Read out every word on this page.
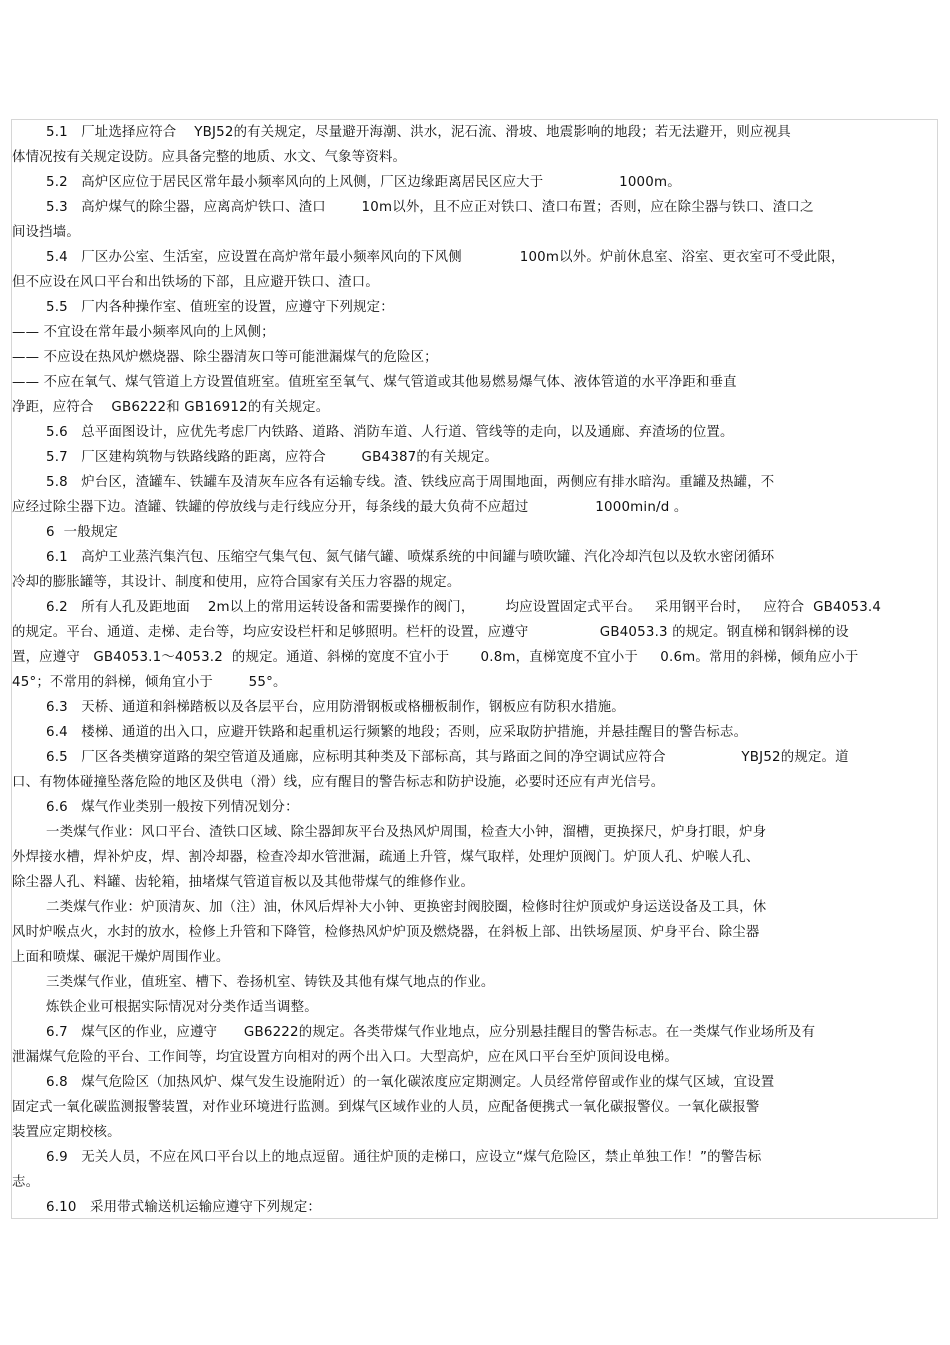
5.1   厂址选择应符合    YBJ52的有关规定，尽量避开海潮、洪水，泥石流、滑坡、地震影响的地段；若无法避开，则应视具
体情况按有关规定设防。应具备完整的地质、水文、气象等资料。
5.2   高炉区应位于居民区常年最小频率风向的上风侧，厂区边缘距离居民区应大于                 1000m。
5.3   高炉煤气的除尘器，应离高炉铁口、渣口        10m以外，且不应正对铁口、渣口布置；否则，应在除尘器与铁口、渣口之
间设挡墙。
5.4   厂区办公室、生活室，应设置在高炉常年最小频率风向的下风侧             100m以外。炉前休息室、浴室、更衣室可不受此限，
但不应设在风口平台和出铁场的下部，且应避开铁口、渣口。
5.5   厂内各种操作室、值班室的设置，应遵守下列规定：
—— 不宜设在常年最小频率风向的上风侧；
—— 不应设在热风炉燃烧器、除尘器清灰口等可能泄漏煤气的危险区；
—— 不应在氧气、煤气管道上方设置值班室。值班室至氧气、煤气管道或其他易燃易爆气体、液体管道的水平净距和垂直
净距，应符合    GB6222和 GB16912的有关规定。
5.6   总平面图设计，应优先考虑厂内铁路、道路、消防车道、人行道、管线等的走向，以及通廊、弃渣场的位置。
5.7   厂区建构筑物与铁路线路的距离，应符合        GB4387的有关规定。
5.8   炉台区，渣罐车、铁罐车及清灰车应各有运输专线。渣、铁线应高于周围地面，两侧应有排水暗沟。重罐及热罐，不
应经过除尘器下边。渣罐、铁罐的停放线与走行线应分开，每条线的最大负荷不应超过               1000min/d 。
6  一般规定
6.1   高炉工业蒸汽集汽包、压缩空气集气包、氮气储气罐、喷煤系统的中间罐与喷吹罐、汽化冷却汽包以及软水密闭循环
冷却的膨胀罐等，其设计、制度和使用，应符合国家有关压力容器的规定。
6.2   所有人孔及距地面    2m以上的常用运转设备和需要操作的阀门，       均应设置固定式平台。   采用钢平台时，   应符合  GB4053.4
的规定。平台、通道、走梯、走台等，均应安设栏杆和足够照明。栏杆的设置，应遵守                GB4053.3 的规定。钢直梯和钢斜梯的设
置，应遵守   GB4053.1～4053.2  的规定。通道、斜梯的宽度不宜小于       0.8m，直梯宽度不宜小于     0.6m。常用的斜梯，倾角应小于
45°；不常用的斜梯，倾角宜小于        55°。
6.3   天桥、通道和斜梯踏板以及各层平台，应用防滑钢板或格栅板制作，钢板应有防积水措施。
6.4   楼梯、通道的出入口，应避开铁路和起重机运行频繁的地段；否则，应采取防护措施，并悬挂醒目的警告标志。
6.5   厂区各类横穿道路的架空管道及通廊，应标明其种类及下部标高，其与路面之间的净空调试应符合                 YBJ52的规定。道
口、有物体碰撞坠落危险的地区及供电（滑）线，应有醒目的警告标志和防护设施，必要时还应有声光信号。
6.6   煤气作业类别一般按下列情况划分：
一类煤气作业：风口平台、渣铁口区域、除尘器卸灰平台及热风炉周围，检查大小钟，溜槽，更换探尺，炉身打眼，炉身
外焊接水槽，焊补炉皮，焊、割冷却器，检查冷却水管泄漏，疏通上升管，煤气取样，处理炉顶阀门。炉顶人孔、炉喉人孔、
除尘器人孔、料罐、齿轮箱，抽堵煤气管道盲板以及其他带煤气的维修作业。
二类煤气作业：炉顶清灰、加（注）油，休风后焊补大小钟、更换密封阀胶圈，检修时往炉顶或炉身运送设备及工具，休
风时炉喉点火，水封的放水，检修上升管和下降管，检修热风炉炉顶及燃烧器，在斜板上部、出铁场屋顶、炉身平台、除尘器
上面和喷煤、碾泥干燥炉周围作业。
三类煤气作业，值班室、槽下、卷扬机室、铸铁及其他有煤气地点的作业。
炼铁企业可根据实际情况对分类作适当调整。
6.7   煤气区的作业，应遵守      GB6222的规定。各类带煤气作业地点，应分别悬挂醒目的警告标志。在一类煤气作业场所及有
泄漏煤气危险的平台、工作间等，均宜设置方向相对的两个出入口。大型高炉，应在风口平台至炉顶间设电梯。
6.8   煤气危险区（加热风炉、煤气发生设施附近）的一氧化碳浓度应定期测定。人员经常停留或作业的煤气区域，宜设置
固定式一氧化碳监测报警装置，对作业环境进行监测。到煤气区域作业的人员，应配备便携式一氧化碳报警仪。一氧化碳报警
装置应定期校核。
6.9   无关人员，不应在风口平台以上的地点逗留。通往炉顶的走梯口，应设立“煤气危险区，禁止单独工作！”的警告标
志。
6.10   采用带式输送机运输应遵守下列规定：
